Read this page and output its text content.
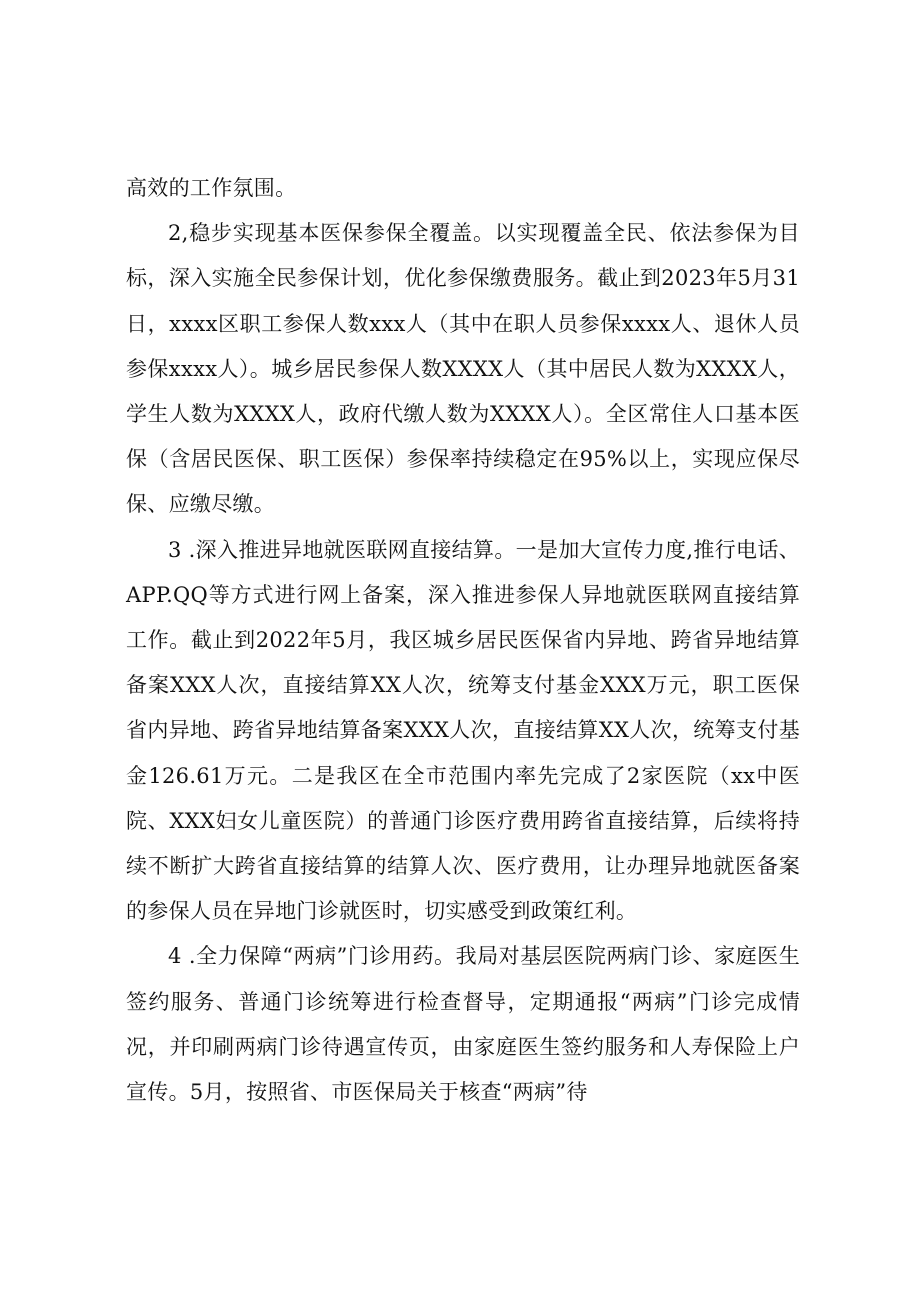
高效的工作氛围。

2,稳步实现基本医保参保全覆盖。以实现覆盖全民、依法参保为目标，深入实施全民参保计划，优化参保缴费服务。截止到2023年5月31日，xxxx区职工参保人数xxx人（其中在职人员参保xxxx人、退休人员参保xxxx人）。城乡居民参保人数XXXX人（其中居民人数为XXXX人，学生人数为XXXX人，政府代缴人数为XXXX人）。全区常住人口基本医保（含居民医保、职工医保）参保率持续稳定在95%以上，实现应保尽保、应缴尽缴。

3 .深入推进异地就医联网直接结算。一是加大宣传力度,推行电话、APP.QQ等方式进行网上备案，深入推进参保人异地就医联网直接结算工作。截止到2022年5月，我区城乡居民医保省内异地、跨省异地结算备案XXX人次，直接结算XX人次，统筹支付基金XXX万元，职工医保省内异地、跨省异地结算备案XXX人次，直接结算XX人次，统筹支付基金126.61万元。二是我区在全市范围内率先完成了2家医院（xx中医院、XXX妇女儿童医院）的普通门诊医疗费用跨省直接结算，后续将持续不断扩大跨省直接结算的结算人次、医疗费用，让办理异地就医备案的参保人员在异地门诊就医时，切实感受到政策红利。

4 .全力保障“两病”门诊用药。我局对基层医院两病门诊、家庭医生签约服务、普通门诊统筹进行检查督导，定期通报“两病”门诊完成情况，并印刷两病门诊待遇宣传页，由家庭医生签约服务和人寿保险上户宣传。5月，按照省、市医保局关于核查“两病”待
